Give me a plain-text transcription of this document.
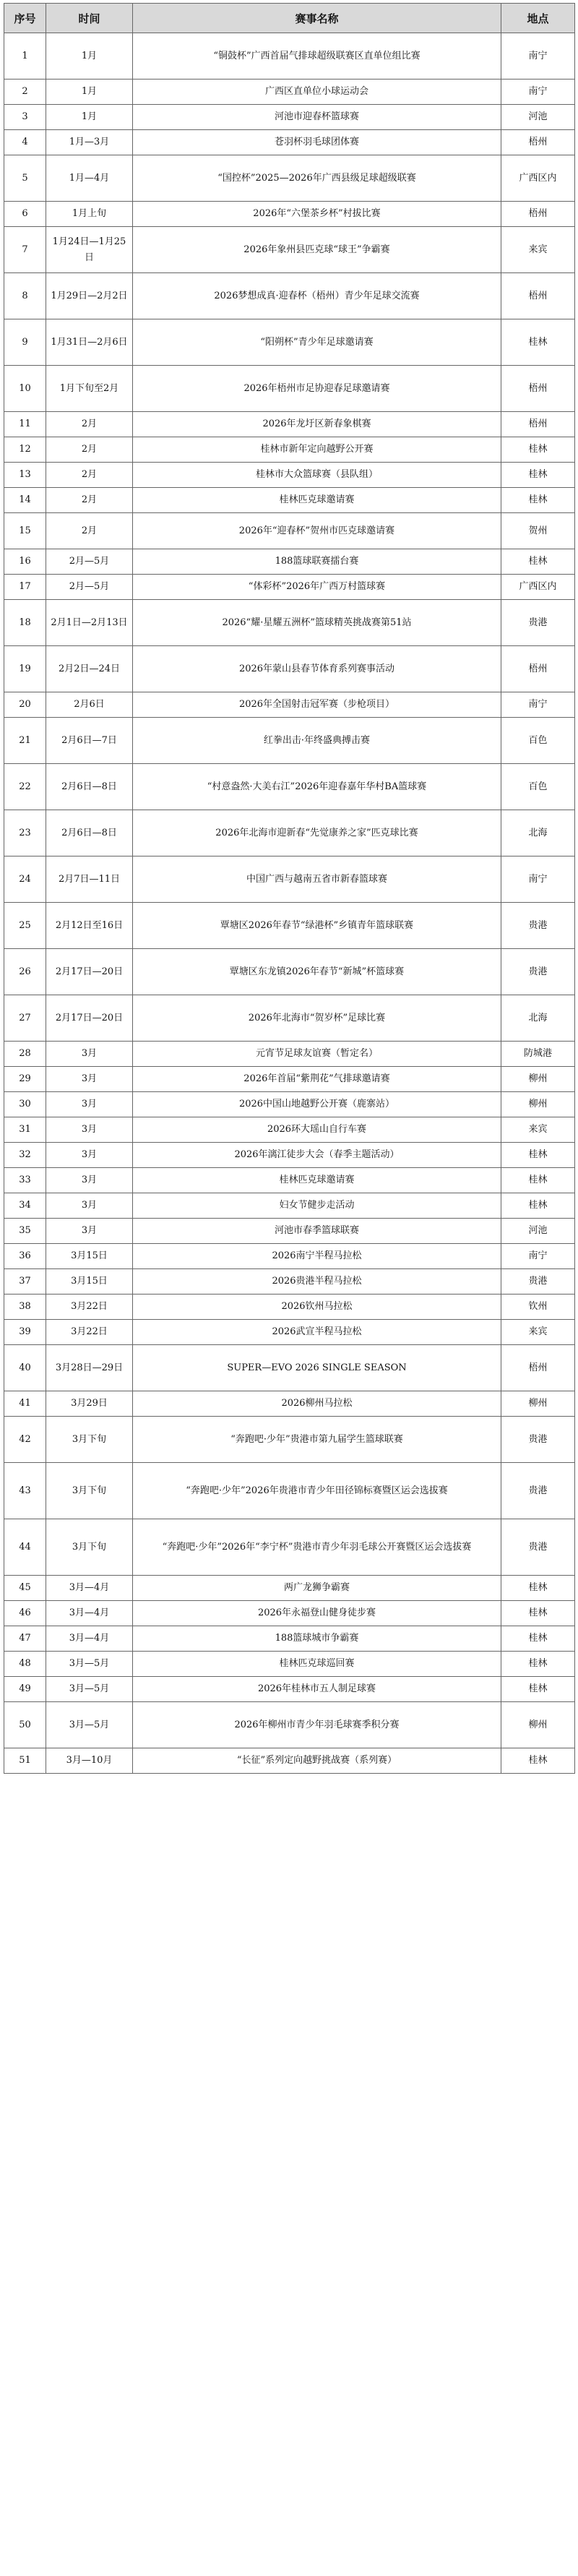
序号	时间	赛事名称	地点
1	1月	“铜鼓杯”广西首届气排球超级联赛区直单位组比赛	南宁
2	1月	广西区直单位小球运动会	南宁
3	1月	河池市迎春杯篮球赛	河池
4	1月—3月	苍羽杯羽毛球团体赛	梧州
5	1月—4月	“国控杯”2025—2026年广西县级足球超级联赛	广西区内
6	1月上旬	2026年“六堡茶乡杯”村拔比赛	梧州
7	1月24日—1月25日	2026年象州县匹克球“球王”争霸赛	来宾
8	1月29日—2月2日	2026梦想成真·迎春杯（梧州）青少年足球交流赛	梧州
9	1月31日—2月6日	“阳朔杯”青少年足球邀请赛	桂林
10	1月下旬至2月	2026年梧州市足协迎春足球邀请赛	梧州
11	2月	2026年龙圩区新春象棋赛	梧州
12	2月	桂林市新年定向越野公开赛	桂林
13	2月	桂林市大众篮球赛（县队组）	桂林
14	2月	桂林匹克球邀请赛	桂林
15	2月	2026年“迎春杯”贺州市匹克球邀请赛	贺州
16	2月—5月	188篮球联赛擂台赛	桂林
17	2月—5月	“体彩杯”2026年广西万村篮球赛	广西区内
18	2月1日—2月13日	2026“耀·星耀五洲杯”篮球精英挑战赛第51站	贵港
19	2月2日—24日	2026年蒙山县春节体育系列赛事活动	梧州
20	2月6日	2026年全国射击冠军赛（步枪项目）	南宁
21	2月6日—7日	红拳出击·年终盛典搏击赛	百色
22	2月6日—8日	“村意盎然·大美右江”2026年迎春嘉年华村BA篮球赛	百色
23	2月6日—8日	2026年北海市迎新春“先觉康养之家”匹克球比赛	北海
24	2月7日—11日	中国广西与越南五省市新春篮球赛	南宁
25	2月12日至16日	覃塘区2026年春节“绿港杯”乡镇青年篮球联赛	贵港
26	2月17日—20日	覃塘区东龙镇2026年春节“新城”杯篮球赛	贵港
27	2月17日—20日	2026年北海市“贺岁杯”足球比赛	北海
28	3月	元宵节足球友谊赛（暂定名）	防城港
29	3月	2026年首届“紫荆花”气排球邀请赛	柳州
30	3月	2026中国山地越野公开赛（鹿寨站）	柳州
31	3月	2026环大瑶山自行车赛	来宾
32	3月	2026年漓江徒步大会（春季主题活动）	桂林
33	3月	桂林匹克球邀请赛	桂林
34	3月	妇女节健步走活动	桂林
35	3月	河池市春季篮球联赛	河池
36	3月15日	2026南宁半程马拉松	南宁
37	3月15日	2026贵港半程马拉松	贵港
38	3月22日	2026钦州马拉松	钦州
39	3月22日	2026武宣半程马拉松	来宾
40	3月28日—29日	SUPER—EVO 2026 SINGLE SEASON	梧州
41	3月29日	2026柳州马拉松	柳州
42	3月下旬	“奔跑吧·少年”贵港市第九届学生篮球联赛	贵港
43	3月下旬	“奔跑吧·少年”2026年贵港市青少年田径锦标赛暨区运会选拔赛	贵港
44	3月下旬	“奔跑吧·少年”2026年“李宁杯”贵港市青少年羽毛球公开赛暨区运会选拔赛	贵港
45	3月—4月	两广龙狮争霸赛	桂林
46	3月—4月	2026年永福登山健身徒步赛	桂林
47	3月—4月	188篮球城市争霸赛	桂林
48	3月—5月	桂林匹克球巡回赛	桂林
49	3月—5月	2026年桂林市五人制足球赛	桂林
50	3月—5月	2026年柳州市青少年羽毛球赛季积分赛	柳州
51	3月—10月	“长征”系列定向越野挑战赛（系列赛）	桂林
